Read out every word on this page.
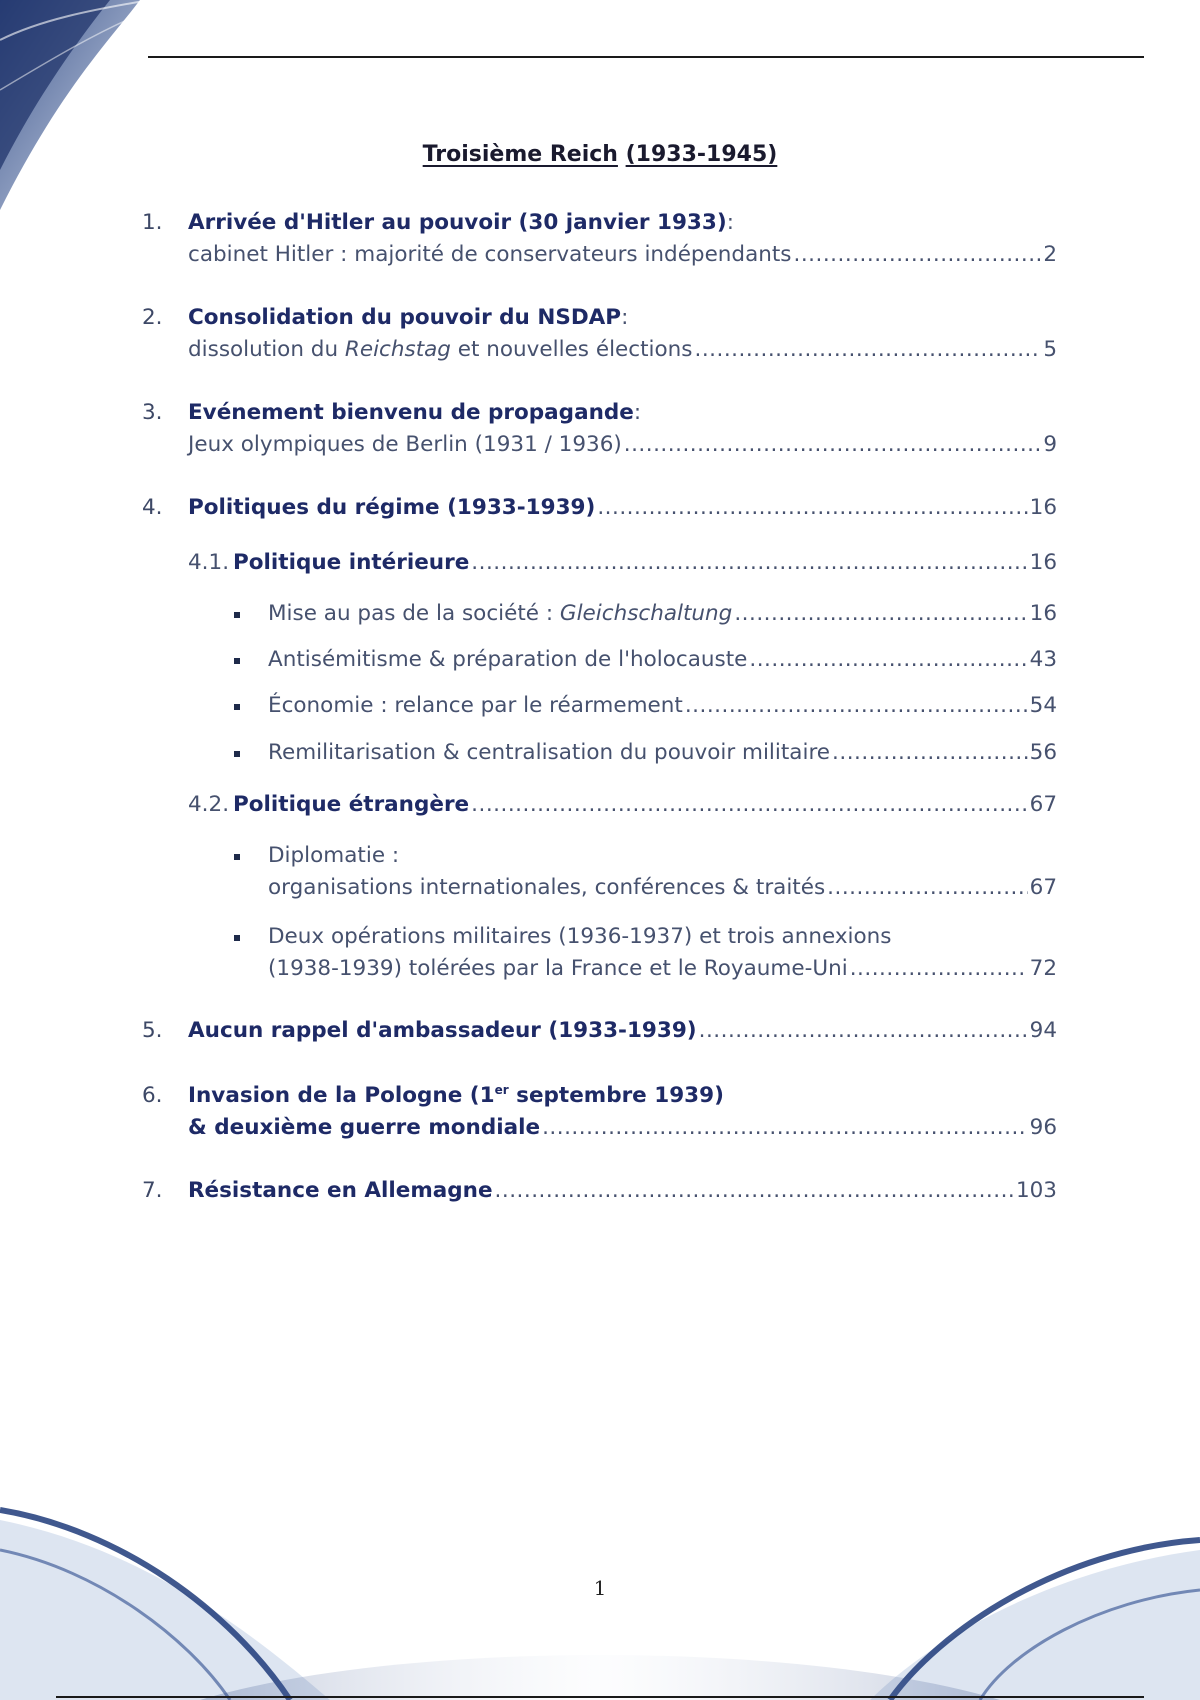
Troisième Reich (1933-1945)
1. Arrivée d'Hitler au pouvoir (30 janvier 1933) :
cabinet Hitler : majorité de conservateurs indépendants .....	2
2. Consolidation du pouvoir du NSDAP :
dissolution du Reichstag et nouvelles élections .....	5
3. Evénement bienvenu de propagande :
Jeux olympiques de Berlin (1931 / 1936) .....	9
4. Politiques du régime (1933-1939) .....	16
4.1. Politique intérieure .....	16
Mise au pas de la société : Gleichschaltung .....	16
Antisémitisme & préparation de l'holocauste .....	43
Économie : relance par le réarmement .....	54
Remilitarisation & centralisation du pouvoir militaire .....	56
4.2. Politique étrangère .....	67
Diplomatie :
organisations internationales, conférences & traités .....	67
Deux opérations militaires (1936-1937) et trois annexions
(1938-1939) tolérées par la France et le Royaume-Uni .....	72
5. Aucun rappel d'ambassadeur (1933-1939) .....	94
6. Invasion de la Pologne (1er septembre 1939)
& deuxième guerre mondiale .....	96
7. Résistance en Allemagne .....	103
1
